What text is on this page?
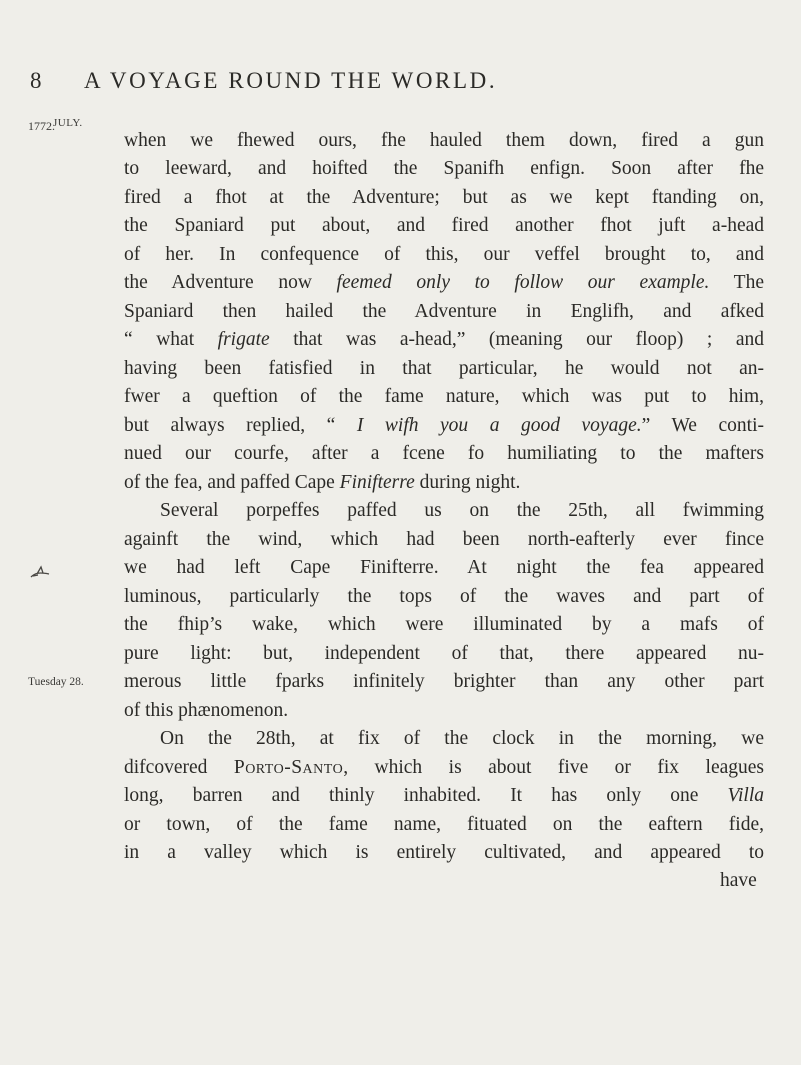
8 A VOYAGE ROUND THE WORLD.
1772.
JULY.
Tuesday 28.
when we fhewed ours, fhe hauled them down, fired a gun
to leeward, and hoifted the Spanifh enfign. Soon after fhe
fired a fhot at the Adventure; but as we kept ftanding on,
the Spaniard put about, and fired another fhot juft a-head
of her. In confequence of this, our veffel brought to, and
the Adventure now feemed only to follow our example. The
Spaniard then hailed the Adventure in Englifh, and afked
“ what frigate that was a-head,” (meaning our floop) ; and
having been fatisfied in that particular, he would not an-
fwer a queftion of the fame nature, which was put to him,
but always replied, “ I wifh you a good voyage.” We conti-
nued our courfe, after a fcene fo humiliating to the mafters
of the fea, and paffed Cape Finifterre during night.
Several porpeffes paffed us on the 25th, all fwimming
againft the wind, which had been north-eafterly ever fince
we had left Cape Finifterre. At night the fea appeared
luminous, particularly the tops of the waves and part of
the fhip’s wake, which were illuminated by a mafs of
pure light: but, independent of that, there appeared nu-
merous little fparks infinitely brighter than any other part
of this phænomenon.
On the 28th, at fix of the clock in the morning, we
difcovered Porto-Santo, which is about five or fix leagues
long, barren and thinly inhabited. It has only one Villa
or town, of the fame name, fituated on the eaftern fide,
in a valley which is entirely cultivated, and appeared to
have
